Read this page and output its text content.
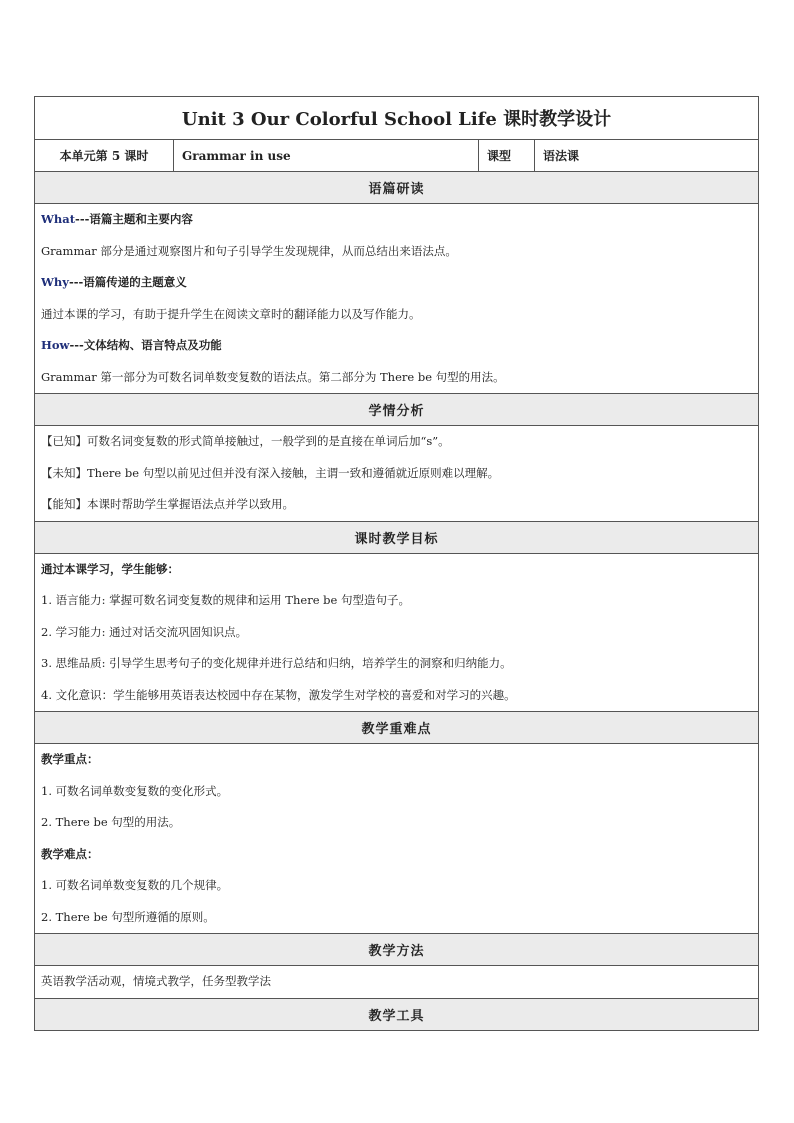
Unit 3 Our Colorful School Life 课时教学设计
本单元第 5 课时	Grammar in use	课型	语法课
语篇研读

What---语篇主题和主要内容
Grammar 部分是通过观察图片和句子引导学生发现规律，从而总结出来语法点。
Why---语篇传递的主题意义
通过本课的学习，有助于提升学生在阅读文章时的翻译能力以及写作能力。
How---文体结构、语言特点及功能
Grammar 第一部分为可数名词单数变复数的语法点。第二部分为 There be 句型的用法。

学情分析

【已知】可数名词变复数的形式简单接触过，一般学到的是直接在单词后加“s”。
【未知】There be 句型以前见过但并没有深入接触，主谓一致和遵循就近原则难以理解。
【能知】本课时帮助学生掌握语法点并学以致用。

课时教学目标

通过本课学习，学生能够：
1. 语言能力: 掌握可数名词变复数的规律和运用 There be 句型造句子。
2. 学习能力: 通过对话交流巩固知识点。
3. 思维品质: 引导学生思考句子的变化规律并进行总结和归纳，培养学生的洞察和归纳能力。
4. 文化意识：学生能够用英语表达校园中存在某物，激发学生对学校的喜爱和对学习的兴趣。

教学重难点

教学重点：
1. 可数名词单数变复数的变化形式。
2. There be 句型的用法。
教学难点：
1. 可数名词单数变复数的几个规律。
2. There be 句型所遵循的原则。

教学方法

英语教学活动观，情境式教学，任务型教学法

教学工具
